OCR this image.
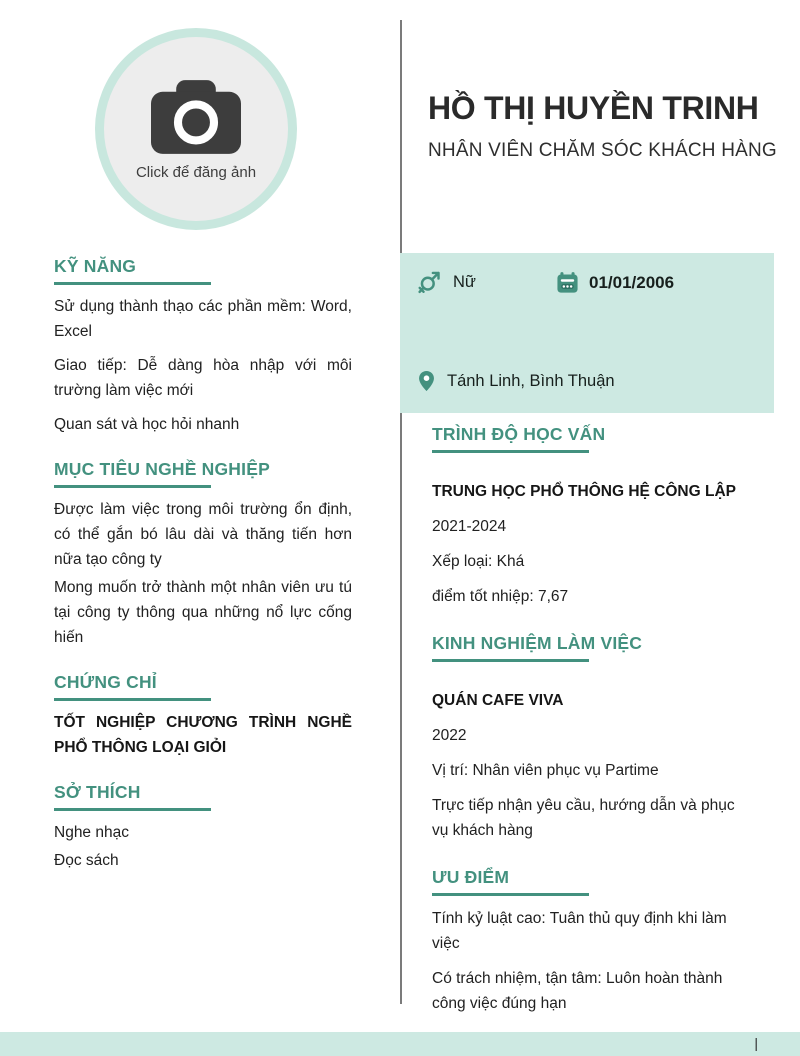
Click để đăng ảnh
KỸ NĂNG

Sử dụng thành thạo các phần mềm: Word, Excel

Giao tiếp: Dễ dàng hòa nhập với môi trường làm việc mới

Quan sát và học hỏi nhanh

MỤC TIÊU NGHỀ NGHIỆP

Được làm việc trong môi trường ổn định, có thể gắn bó lâu dài và thăng tiến hơn nữa tạo công ty

Mong muốn trở thành một nhân viên ưu tú tại công ty thông qua những nổ lực cống hiến

CHỨNG CHỈ

TỐT NGHIỆP CHƯƠNG TRÌNH NGHỀ PHỔ THÔNG LOẠI GIỎI

SỞ THÍCH

Nghe nhạc

Đọc sách

HỒ THỊ HUYỀN TRINH
NHÂN VIÊN CHĂM SÓC KHÁCH HÀNG
Nữ	01/01/2006
Tánh Linh, Bình Thuận
TRÌNH ĐỘ HỌC VẤN

TRUNG HỌC PHỔ THÔNG HỆ CÔNG LẬP

2021-2024

Xếp loại: Khá

điểm tốt nhiệp: 7,67

KINH NGHIỆM LÀM VIỆC

QUÁN CAFE VIVA

2022

Vị trí: Nhân viên phục vụ Partime

Trực tiếp nhận yêu cầu, hướng dẫn và phục vụ khách hàng

ƯU ĐIỂM

Tính kỷ luật cao: Tuân thủ quy định khi làm việc

Có trách nhiệm, tận tâm: Luôn hoàn thành công việc đúng hạn

|
